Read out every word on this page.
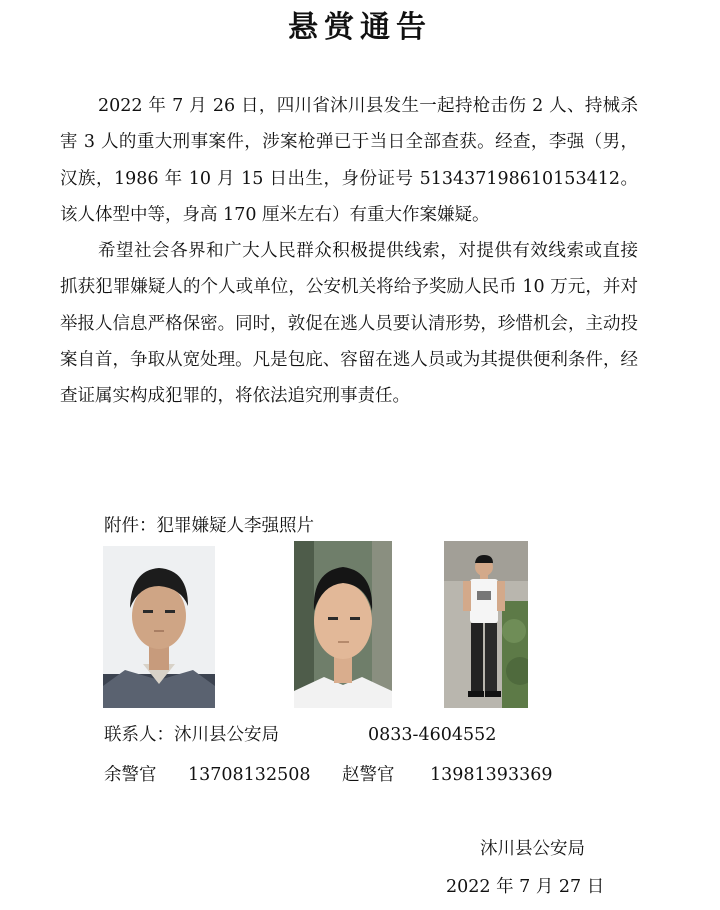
悬赏通告

2022 年 7 月 26 日，四川省沐川县发生一起持枪击伤 2 人、持械杀害 3 人的重大刑事案件，涉案枪弹已于当日全部查获。经查，李强（男，汉族，1986 年 10 月 15 日出生，身份证号 513437198610153412。该人体型中等，身高 170 厘米左右）有重大作案嫌疑。

希望社会各界和广大人民群众积极提供线索，对提供有效线索或直接抓获犯罪嫌疑人的个人或单位，公安机关将给予奖励人民币 10 万元，并对举报人信息严格保密。同时，敦促在逃人员要认清形势，珍惜机会，主动投案自首，争取从宽处理。凡是包庇、容留在逃人员或为其提供便利条件，经查证属实构成犯罪的，将依法追究刑事责任。

附件：犯罪嫌疑人李强照片
联系人：沐川县公安局	0833-4604552
余警官 13708132508 赵警官 13981393369
沐川县公安局
2022 年 7 月 27 日
